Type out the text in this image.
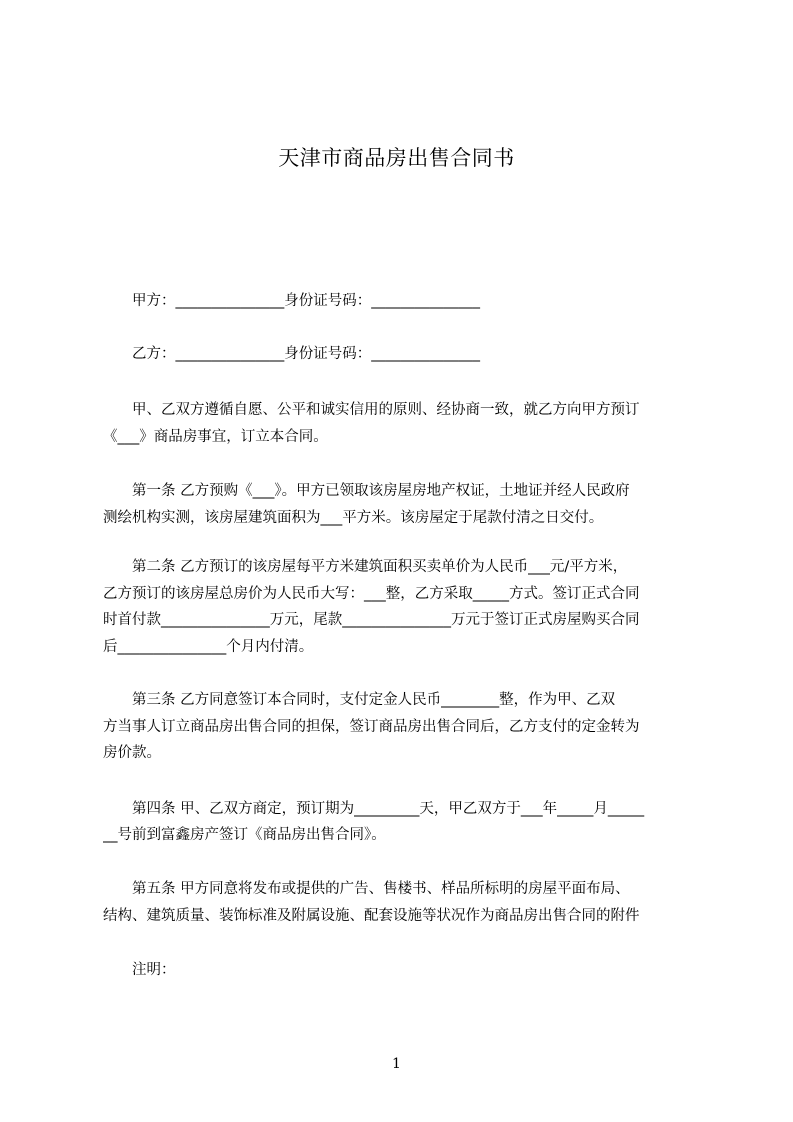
天津市商品房出售合同书
　　甲方：_______________身份证号码：_______________
　　乙方：_______________身份证号码：_______________
　　甲、乙双方遵循自愿、公平和诚实信用的原则、经协商一致，就乙方向甲方预订
《___》商品房事宜，订立本合同。
　　第一条 乙方预购《___》。甲方已领取该房屋房地产权证，土地证并经人民政府
测绘机构实测，该房屋建筑面积为___平方米。该房屋定于尾款付清之日交付。
　　第二条 乙方预订的该房屋每平方米建筑面积买卖单价为人民币___元/平方米，
乙方预订的该房屋总房价为人民币大写：___整，乙方采取_____方式。签订正式合同
时首付款_______________万元，尾款_______________万元于签订正式房屋购买合同
后_______________个月内付清。
　　第三条 乙方同意签订本合同时，支付定金人民币________整，作为甲、乙双
方当事人订立商品房出售合同的担保，签订商品房出售合同后，乙方支付的定金转为
房价款。
　　第四条 甲、乙双方商定，预订期为_________天，甲乙双方于___年_____月_____
__号前到富鑫房产签订《商品房出售合同》。
　　第五条 甲方同意将发布或提供的广告、售楼书、样品所标明的房屋平面布局、
结构、建筑质量、装饰标准及附属设施、配套设施等状况作为商品房出售合同的附件
　　注明：
1
